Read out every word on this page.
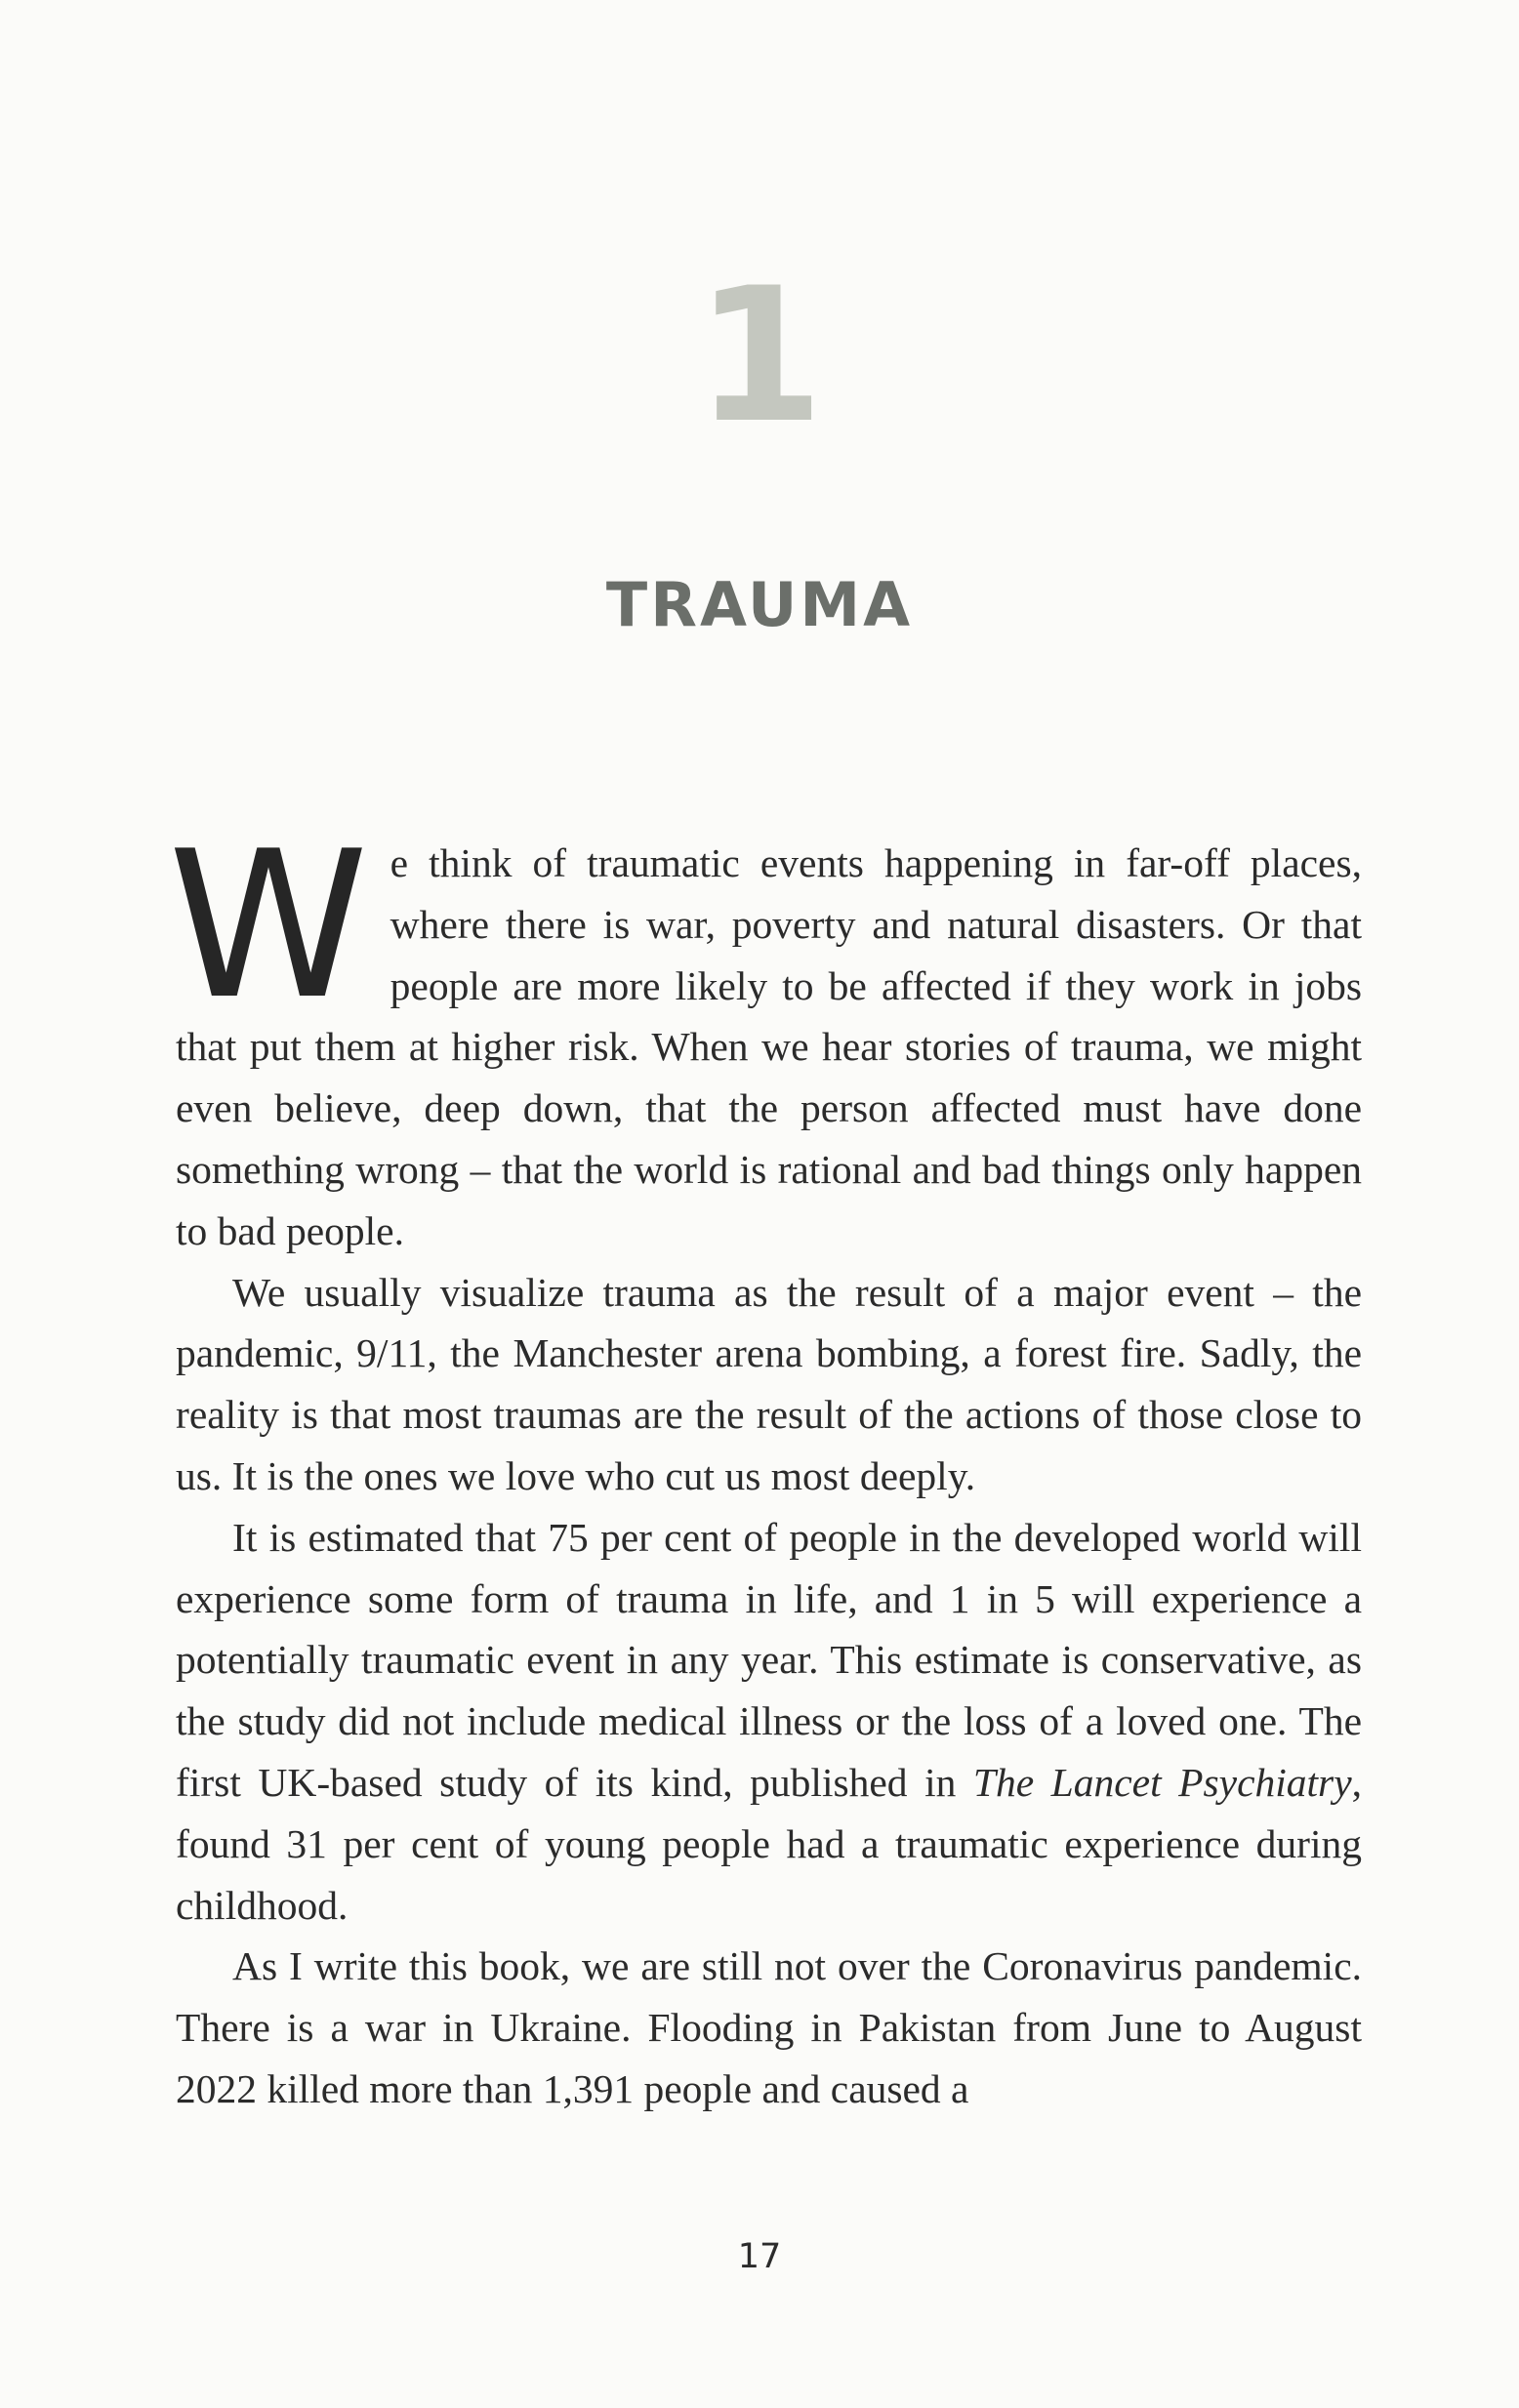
1
TRAUMA

We think of traumatic events happening in far-off places, where there is war, poverty and natural disasters. Or that people are more likely to be affected if they work in jobs that put them at higher risk. When we hear stories of trauma, we might even believe, deep down, that the person affected must have done something wrong – that the world is rational and bad things only happen to bad people.

We usually visualize trauma as the result of a major event – the pandemic, 9/11, the Manchester arena bombing, a forest fire. Sadly, the reality is that most traumas are the result of the actions of those close to us. It is the ones we love who cut us most deeply.

It is estimated that 75 per cent of people in the developed world will experience some form of trauma in life, and 1 in 5 will experience a potentially traumatic event in any year. This estimate is conservative, as the study did not include medical illness or the loss of a loved one. The first UK-based study of its kind, published in The Lancet Psychiatry, found 31 per cent of young people had a traumatic experience during childhood.

As I write this book, we are still not over the Coronavirus pandemic. There is a war in Ukraine. Flooding in Pakistan from June to August 2022 killed more than 1,391 people and caused a

17
